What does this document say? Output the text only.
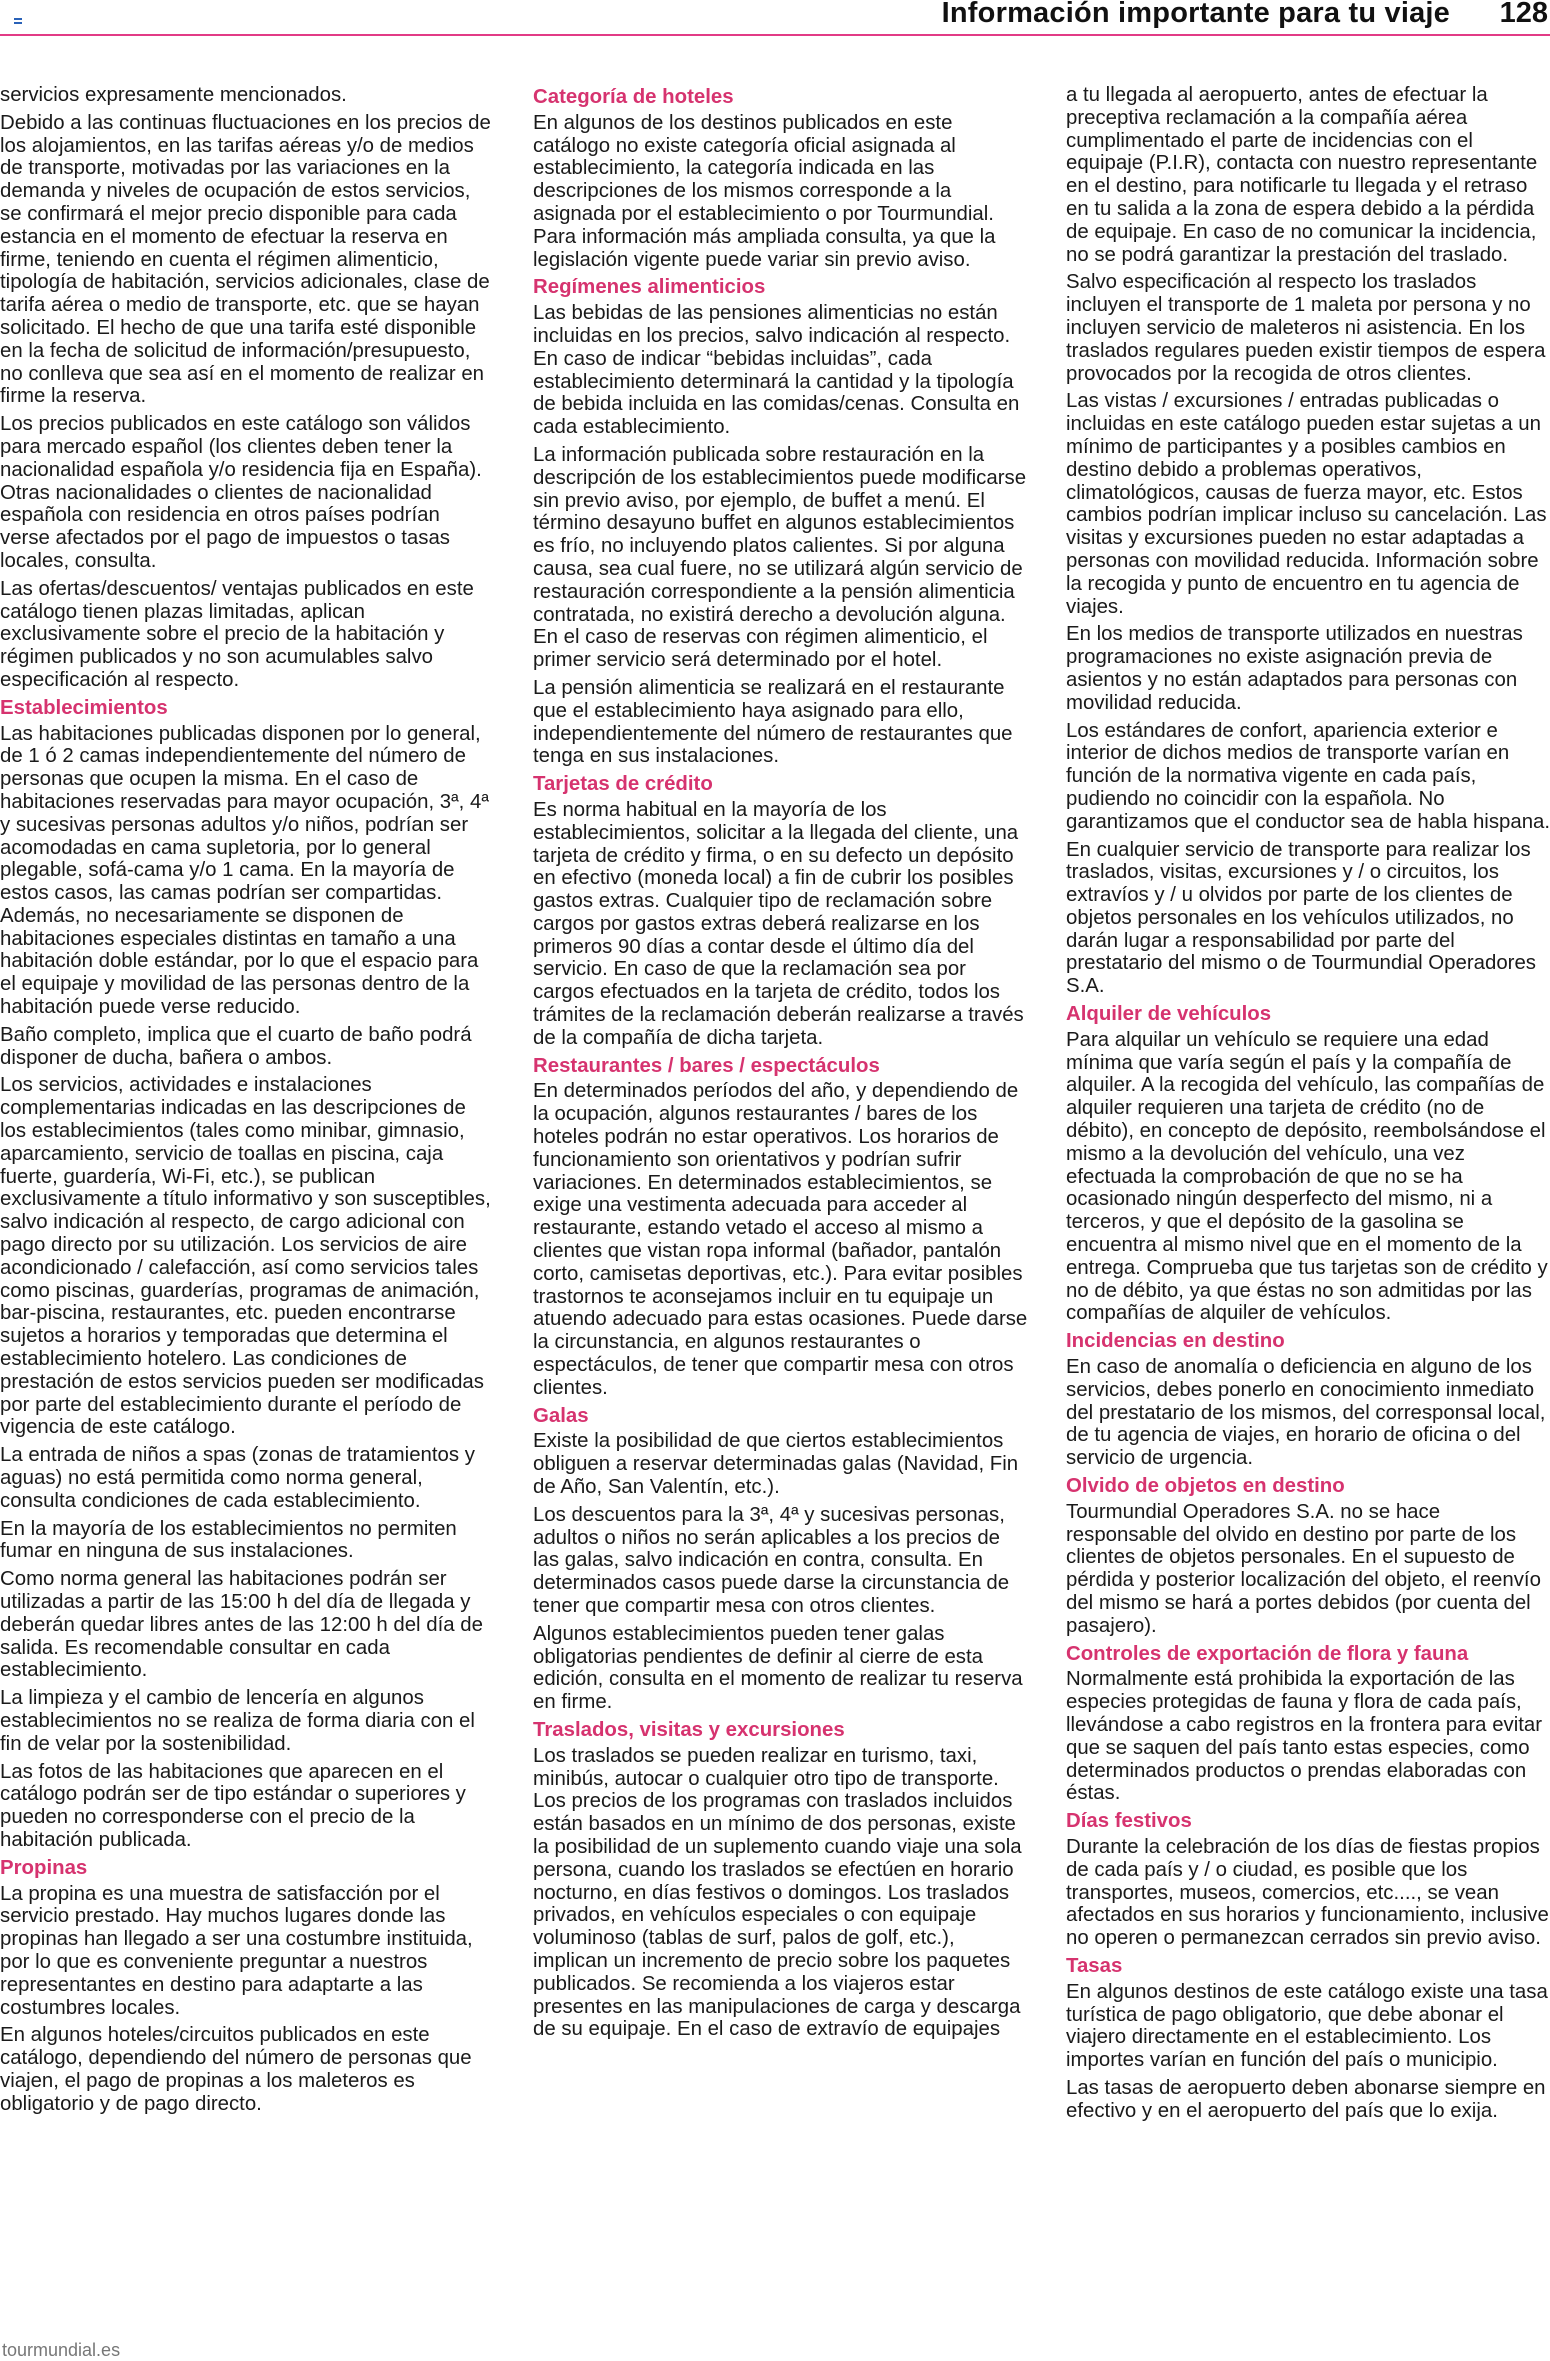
Información importante para tu viaje 128

servicios expresamente mencionados.

Debido a las continuas fluctuaciones en los precios de los alojamientos, en las tarifas aéreas y/o de medios de transporte, motivadas por las variaciones en la demanda y niveles de ocupación de estos servicios, se confirmará el mejor precio disponible para cada estancia en el momento de efectuar la reserva en firme, teniendo en cuenta el régimen alimenticio, tipología de habitación, servicios adicionales, clase de tarifa aérea o medio de transporte, etc. que se hayan solicitado. El hecho de que una tarifa esté disponible en la fecha de solicitud de información/presupuesto, no conlleva que sea así en el momento de realizar en firme la reserva.

Los precios publicados en este catálogo son válidos para mercado español (los clientes deben tener la nacionalidad española y/o residencia fija en España). Otras nacionalidades o clientes de nacionalidad española con residencia en otros países podrían verse afectados por el pago de impuestos o tasas locales, consulta.

Las ofertas/descuentos/ ventajas publicados en este catálogo tienen plazas limitadas, aplican exclusivamente sobre el precio de la habitación y régimen publicados y no son acumulables salvo especificación al respecto.

Establecimientos

Las habitaciones publicadas disponen por lo general, de 1 ó 2 camas independientemente del número de personas que ocupen la misma. En el caso de habitaciones reservadas para mayor ocupación, 3ª, 4ª y sucesivas personas adultos y/o niños, podrían ser acomodadas en cama supletoria, por lo general plegable, sofá-cama y/o 1 cama. En la mayoría de estos casos, las camas podrían ser compartidas. Además, no necesariamente se disponen de habitaciones especiales distintas en tamaño a una habitación doble estándar, por lo que el espacio para el equipaje y movilidad de las personas dentro de la habitación puede verse reducido.

Baño completo, implica que el cuarto de baño podrá disponer de ducha, bañera o ambos.

Los servicios, actividades e instalaciones complementarias indicadas en las descripciones de los establecimientos (tales como minibar, gimnasio, aparcamiento, servicio de toallas en piscina, caja fuerte, guardería, Wi-Fi, etc.), se publican exclusivamente a título informativo y son susceptibles, salvo indicación al respecto, de cargo adicional con pago directo por su utilización. Los servicios de aire acondicionado / calefacción, así como servicios tales como piscinas, guarderías, programas de animación, bar-piscina, restaurantes, etc. pueden encontrarse sujetos a horarios y temporadas que determina el establecimiento hotelero. Las condiciones de prestación de estos servicios pueden ser modificadas por parte del establecimiento durante el período de vigencia de este catálogo.

La entrada de niños a spas (zonas de tratamientos y aguas) no está permitida como norma general, consulta condiciones de cada establecimiento.

En la mayoría de los establecimientos no permiten fumar en ninguna de sus instalaciones.

Como norma general las habitaciones podrán ser utilizadas a partir de las 15:00 h del día de llegada y deberán quedar libres antes de las 12:00 h del día de salida. Es recomendable consultar en cada establecimiento.

La limpieza y el cambio de lencería en algunos establecimientos no se realiza de forma diaria con el fin de velar por la sostenibilidad.

Las fotos de las habitaciones que aparecen en el catálogo podrán ser de tipo estándar o superiores y pueden no corresponderse con el precio de la habitación publicada.

Propinas

La propina es una muestra de satisfacción por el servicio prestado. Hay muchos lugares donde las propinas han llegado a ser una costumbre instituida, por lo que es conveniente preguntar a nuestros representantes en destino para adaptarte a las costumbres locales.

En algunos hoteles/circuitos publicados en este catálogo, dependiendo del número de personas que viajen, el pago de propinas a los maleteros es obligatorio y de pago directo.

Categoría de hoteles

En algunos de los destinos publicados en este catálogo no existe categoría oficial asignada al establecimiento, la categoría indicada en las descripciones de los mismos corresponde a la asignada por el establecimiento o por Tourmundial. Para información más ampliada consulta, ya que la legislación vigente puede variar sin previo aviso.

Regímenes alimenticios

Las bebidas de las pensiones alimenticias no están incluidas en los precios, salvo indicación al respecto. En caso de indicar “bebidas incluidas”, cada establecimiento determinará la cantidad y la tipología de bebida incluida en las comidas/cenas. Consulta en cada establecimiento.

La información publicada sobre restauración en la descripción de los establecimientos puede modificarse sin previo aviso, por ejemplo, de buffet a menú. El término desayuno buffet en algunos establecimientos es frío, no incluyendo platos calientes. Si por alguna causa, sea cual fuere, no se utilizará algún servicio de restauración correspondiente a la pensión alimenticia contratada, no existirá derecho a devolución alguna. En el caso de reservas con régimen alimenticio, el primer servicio será determinado por el hotel.

La pensión alimenticia se realizará en el restaurante que el establecimiento haya asignado para ello, independientemente del número de restaurantes que tenga en sus instalaciones.

Tarjetas de crédito

Es norma habitual en la mayoría de los establecimientos, solicitar a la llegada del cliente, una tarjeta de crédito y firma, o en su defecto un depósito en efectivo (moneda local) a fin de cubrir los posibles gastos extras. Cualquier tipo de reclamación sobre cargos por gastos extras deberá realizarse en los primeros 90 días a contar desde el último día del servicio. En caso de que la reclamación sea por cargos efectuados en la tarjeta de crédito, todos los trámites de la reclamación deberán realizarse a través de la compañía de dicha tarjeta.

Restaurantes / bares / espectáculos

En determinados períodos del año, y dependiendo de la ocupación, algunos restaurantes / bares de los hoteles podrán no estar operativos. Los horarios de funcionamiento son orientativos y podrían sufrir variaciones. En determinados establecimientos, se exige una vestimenta adecuada para acceder al restaurante, estando vetado el acceso al mismo a clientes que vistan ropa informal (bañador, pantalón corto, camisetas deportivas, etc.). Para evitar posibles trastornos te aconsejamos incluir en tu equipaje un atuendo adecuado para estas ocasiones. Puede darse la circunstancia, en algunos restaurantes o espectáculos, de tener que compartir mesa con otros clientes.

Galas

Existe la posibilidad de que ciertos establecimientos obliguen a reservar determinadas galas (Navidad, Fin de Año, San Valentín, etc.).

Los descuentos para la 3ª, 4ª y sucesivas personas, adultos o niños no serán aplicables a los precios de las galas, salvo indicación en contra, consulta. En determinados casos puede darse la circunstancia de tener que compartir mesa con otros clientes.

Algunos establecimientos pueden tener galas obligatorias pendientes de definir al cierre de esta edición, consulta en el momento de realizar tu reserva en firme.

Traslados, visitas y excursiones

Los traslados se pueden realizar en turismo, taxi, minibús, autocar o cualquier otro tipo de transporte. Los precios de los programas con traslados incluidos están basados en un mínimo de dos personas, existe la posibilidad de un suplemento cuando viaje una sola persona, cuando los traslados se efectúen en horario nocturno, en días festivos o domingos. Los traslados privados, en vehículos especiales o con equipaje voluminoso (tablas de surf, palos de golf, etc.), implican un incremento de precio sobre los paquetes publicados. Se recomienda a los viajeros estar presentes en las manipulaciones de carga y descarga de su equipaje. En el caso de extravío de equipajes

a tu llegada al aeropuerto, antes de efectuar la preceptiva reclamación a la compañía aérea cumplimentado el parte de incidencias con el equipaje (P.I.R), contacta con nuestro representante en el destino, para notificarle tu llegada y el retraso en tu salida a la zona de espera debido a la pérdida de equipaje. En caso de no comunicar la incidencia, no se podrá garantizar la prestación del traslado.

Salvo especificación al respecto los traslados incluyen el transporte de 1 maleta por persona y no incluyen servicio de maleteros ni asistencia. En los traslados regulares pueden existir tiempos de espera provocados por la recogida de otros clientes.

Las vistas / excursiones / entradas publicadas o incluidas en este catálogo pueden estar sujetas a un mínimo de participantes y a posibles cambios en destino debido a problemas operativos, climatológicos, causas de fuerza mayor, etc. Estos cambios podrían implicar incluso su cancelación. Las visitas y excursiones pueden no estar adaptadas a personas con movilidad reducida. Información sobre la recogida y punto de encuentro en tu agencia de viajes.

En los medios de transporte utilizados en nuestras programaciones no existe asignación previa de asientos y no están adaptados para personas con movilidad reducida.

Los estándares de confort, apariencia exterior e interior de dichos medios de transporte varían en función de la normativa vigente en cada país, pudiendo no coincidir con la española. No garantizamos que el conductor sea de habla hispana.

En cualquier servicio de transporte para realizar los traslados, visitas, excursiones y / o circuitos, los extravíos y / u olvidos por parte de los clientes de objetos personales en los vehículos utilizados, no darán lugar a responsabilidad por parte del prestatario del mismo o de Tourmundial Operadores S.A.

Alquiler de vehículos

Para alquilar un vehículo se requiere una edad mínima que varía según el país y la compañía de alquiler. A la recogida del vehículo, las compañías de alquiler requieren una tarjeta de crédito (no de débito), en concepto de depósito, reembolsándose el mismo a la devolución del vehículo, una vez efectuada la comprobación de que no se ha ocasionado ningún desperfecto del mismo, ni a terceros, y que el depósito de la gasolina se encuentra al mismo nivel que en el momento de la entrega. Comprueba que tus tarjetas son de crédito y no de débito, ya que éstas no son admitidas por las compañías de alquiler de vehículos.

Incidencias en destino

En caso de anomalía o deficiencia en alguno de los servicios, debes ponerlo en conocimiento inmediato del prestatario de los mismos, del corresponsal local, de tu agencia de viajes, en horario de oficina o del servicio de urgencia.

Olvido de objetos en destino

Tourmundial Operadores S.A. no se hace responsable del olvido en destino por parte de los clientes de objetos personales. En el supuesto de pérdida y posterior localización del objeto, el reenvío del mismo se hará a portes debidos (por cuenta del pasajero).

Controles de exportación de flora y fauna

Normalmente está prohibida la exportación de las especies protegidas de fauna y flora de cada país, llevándose a cabo registros en la frontera para evitar que se saquen del país tanto estas especies, como determinados productos o prendas elaboradas con éstas.

Días festivos

Durante la celebración de los días de fiestas propios de cada país y / o ciudad, es posible que los transportes, museos, comercios, etc...., se vean afectados en sus horarios y funcionamiento, inclusive no operen o permanezcan cerrados sin previo aviso.

Tasas

En algunos destinos de este catálogo existe una tasa turística de pago obligatorio, que debe abonar el viajero directamente en el establecimiento. Los importes varían en función del país o municipio.

Las tasas de aeropuerto deben abonarse siempre en efectivo y en el aeropuerto del país que lo exija.

tourmundial.es
